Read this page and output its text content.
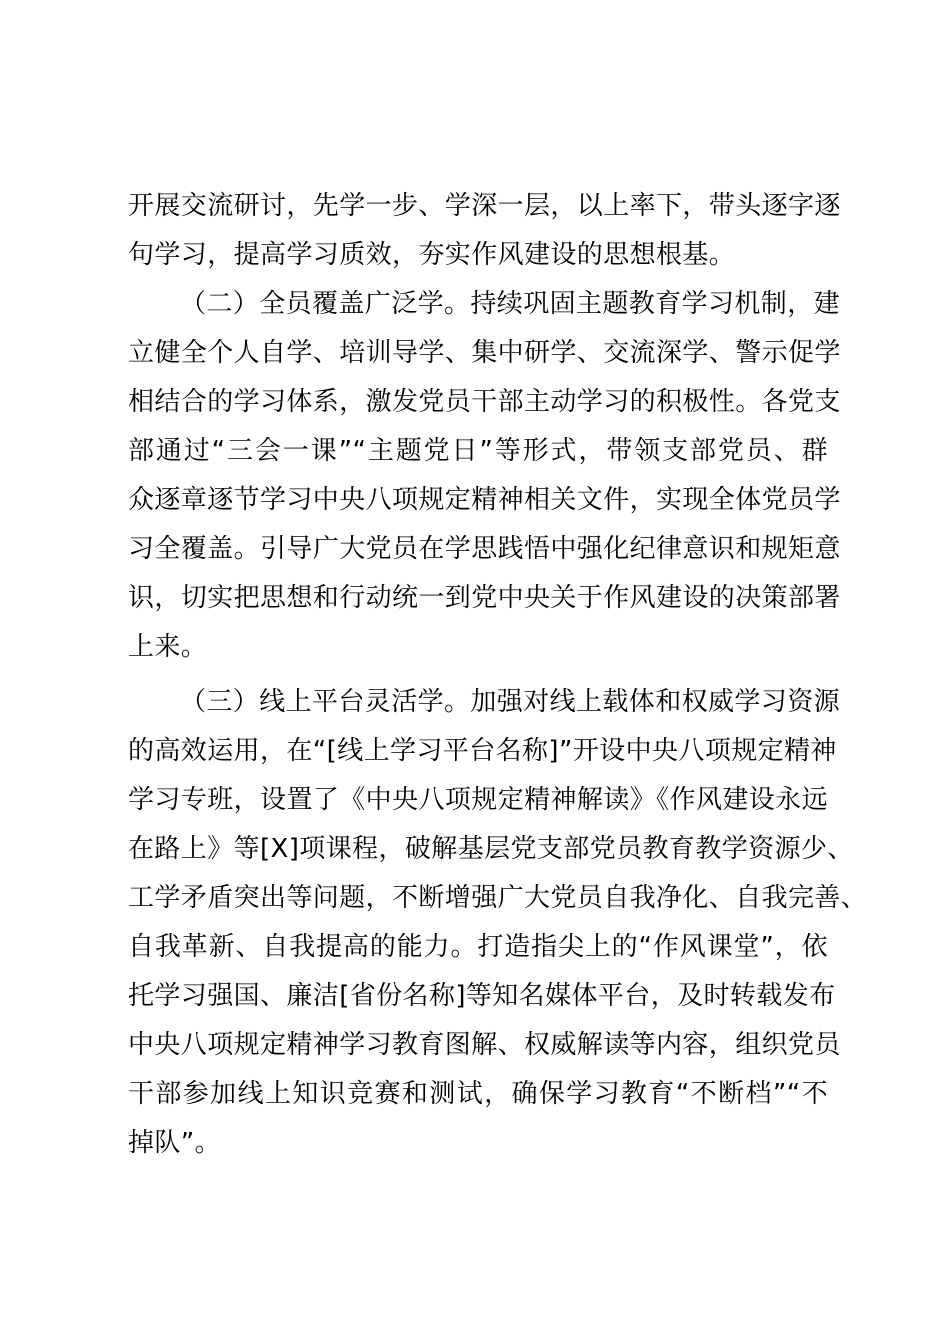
开展交流研讨，先学一步、学深一层，以上率下，带头逐字逐
句学习，提高学习质效，夯实作风建设的思想根基。
（二）全员覆盖广泛学。持续巩固主题教育学习机制，建
立健全个人自学、培训导学、集中研学、交流深学、警示促学
相结合的学习体系，激发党员干部主动学习的积极性。各党支
部通过“三会一课”“主题党日”等形式，带领支部党员、群
众逐章逐节学习中央八项规定精神相关文件，实现全体党员学
习全覆盖。引导广大党员在学思践悟中强化纪律意识和规矩意
识，切实把思想和行动统一到党中央关于作风建设的决策部署
上来。
（三）线上平台灵活学。加强对线上载体和权威学习资源
的高效运用，在“[线上学习平台名称]”开设中央八项规定精神
学习专班，设置了《中央八项规定精神解读》《作风建设永远
在路上》等[X]项课程，破解基层党支部党员教育教学资源少、
工学矛盾突出等问题，不断增强广大党员自我净化、自我完善、
自我革新、自我提高的能力。打造指尖上的“作风课堂”，依
托学习强国、廉洁[省份名称]等知名媒体平台，及时转载发布
中央八项规定精神学习教育图解、权威解读等内容，组织党员
干部参加线上知识竞赛和测试，确保学习教育“不断档”“不
掉队”。
